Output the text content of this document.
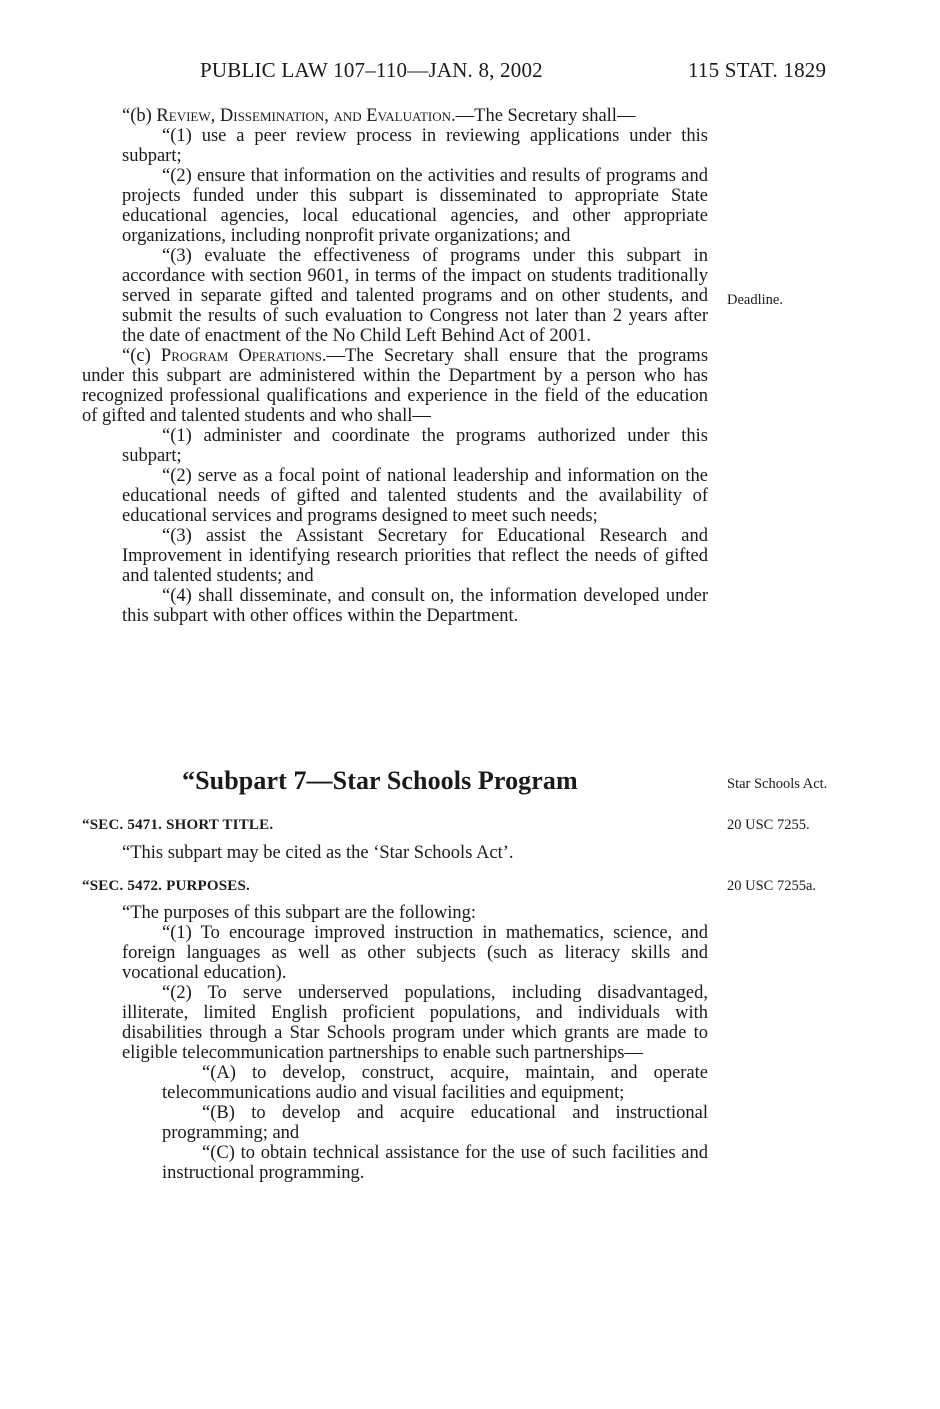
PUBLIC LAW 107–110—JAN. 8, 2002	115 STAT. 1829

“(b) Review, Dissemination, and Evaluation.—The Secretary shall—

“(1) use a peer review process in reviewing applications under this subpart;

“(2) ensure that information on the activities and results of programs and projects funded under this subpart is disseminated to appropriate State educational agencies, local educational agencies, and other appropriate organizations, including nonprofit private organizations; and

“(3) evaluate the effectiveness of programs under this subpart in accordance with section 9601, in terms of the impact on students traditionally served in separate gifted and talented programs and on other students, and submit the results of such evaluation to Congress not later than 2 years after the date of enactment of the No Child Left Behind Act of 2001.

“(c) Program Operations.—The Secretary shall ensure that the programs under this subpart are administered within the Department by a person who has recognized professional qualifications and experience in the field of the education of gifted and talented students and who shall—

“(1) administer and coordinate the programs authorized under this subpart;

“(2) serve as a focal point of national leadership and information on the educational needs of gifted and talented students and the availability of educational services and programs designed to meet such needs;

“(3) assist the Assistant Secretary for Educational Research and Improvement in identifying research priorities that reflect the needs of gifted and talented students; and

“(4) shall disseminate, and consult on, the information developed under this subpart with other offices within the Department.

Deadline.
“Subpart 7—Star Schools Program	Star Schools Act.
“SEC. 5471. SHORT TITLE.	20 USC 7255.

“This subpart may be cited as the ‘Star Schools Act’.

“SEC. 5472. PURPOSES.	20 USC 7255a.

“The purposes of this subpart are the following:

“(1) To encourage improved instruction in mathematics, science, and foreign languages as well as other subjects (such as literacy skills and vocational education).

“(2) To serve underserved populations, including disadvantaged, illiterate, limited English proficient populations, and individuals with disabilities through a Star Schools program under which grants are made to eligible telecommunication partnerships to enable such partnerships—

“(A) to develop, construct, acquire, maintain, and operate telecommunications audio and visual facilities and equipment;

“(B) to develop and acquire educational and instructional programming; and

“(C) to obtain technical assistance for the use of such facilities and instructional programming.
